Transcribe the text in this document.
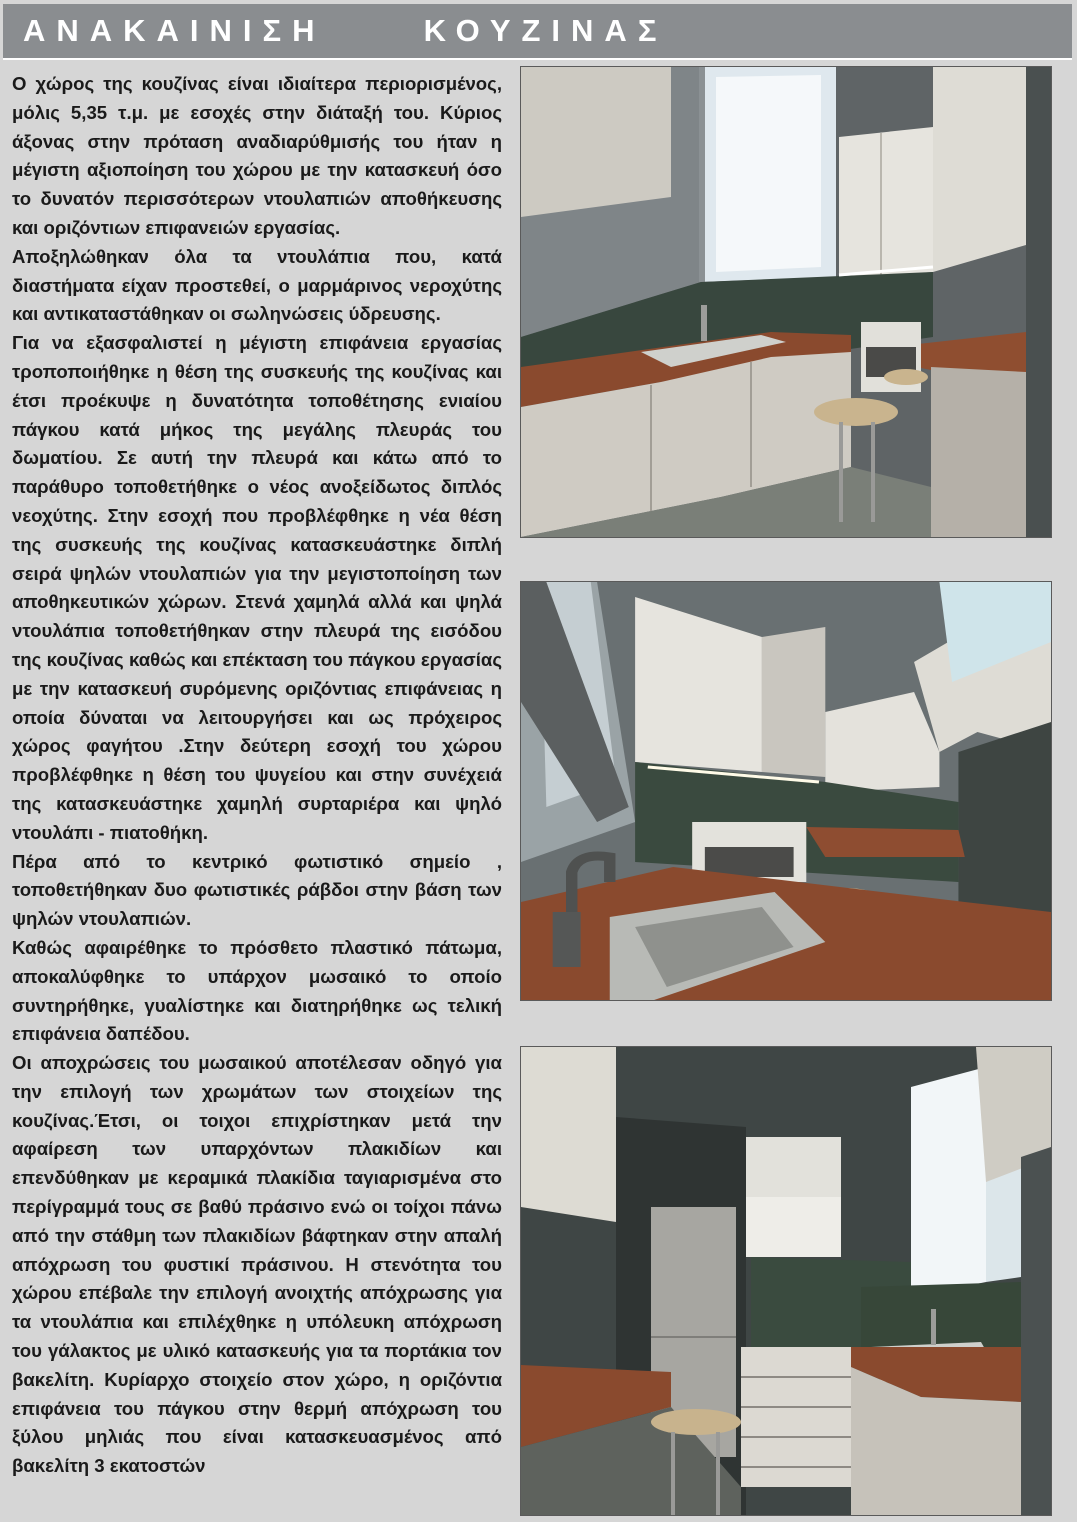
ΑΝΑΚΑΙΝΙΣΗ     ΚΟΥΖΙΝΑΣ

Ο χώρος της κουζίνας είναι ιδιαίτερα περιορισμένος, μόλις 5,35 τ.μ. με εσοχές στην διάταξή του. Κύριος άξονας στην πρόταση αναδιαρύθμισής του ήταν η μέγιστη αξιοποίηση του χώρου με την κατασκευή όσο το δυνατόν περισσότερων ντουλαπιών αποθήκευσης και οριζόντιων επιφανειών εργασίας.

Αποξηλώθηκαν όλα τα ντουλάπια που, κατά διαστήματα είχαν προστεθεί, ο μαρμάρινος νεροχύτης και αντικαταστάθηκαν οι σωληνώσεις ύδρευσης.

Για να εξασφαλιστεί η μέγιστη επιφάνεια εργασίας τροποποιήθηκε η θέση της συσκευής της κουζίνας και έτσι προέκυψε η δυνατότητα τοποθέτησης ενιαίου πάγκου κατά μήκος της μεγάλης πλευράς του δωματίου. Σε αυτή την πλευρά και κάτω από το παράθυρο τοποθετήθηκε ο νέος ανοξείδωτος διπλός νεοχύτης. Στην εσοχή που προβλέφθηκε η νέα θέση της συσκευής της κουζίνας κατασκευάστηκε διπλή σειρά ψηλών ντουλαπιών για την μεγιστοποίηση των αποθηκευτικών χώρων. Στενά χαμηλά αλλά και ψηλά ντουλάπια τοποθετήθηκαν στην πλευρά της εισόδου της κουζίνας καθώς και επέκταση του πάγκου εργασίας με την κατασκευή συρόμενης οριζόντιας επιφάνειας η οποία δύναται να λειτουργήσει και ως πρόχειρος χώρος φαγήτου .Στην δεύτερη εσοχή του χώρου προβλέφθηκε η θέση του ψυγείου και στην συνέχειά της κατασκευάστηκε χαμηλή συρταριέρα και ψηλό ντουλάπι - πιατοθήκη.

Πέρα από το κεντρικό φωτιστικό σημείο , τοποθετήθηκαν δυο φωτιστικές ράβδοι στην βάση των ψηλών ντουλαπιών.

Καθώς αφαιρέθηκε το πρόσθετο πλαστικό πάτωμα, αποκαλύφθηκε το υπάρχον μωσαικό το οποίο συντηρήθηκε, γυαλίστηκε και διατηρήθηκε ως τελική επιφάνεια δαπέδου.

Οι αποχρώσεις του μωσαικού αποτέλεσαν οδηγό για την επιλογή των χρωμάτων των στοιχείων της κουζίνας.Έτσι, οι τοιχοι επιχρίστηκαν μετά την αφαίρεση των υπαρχόντων πλακιδίων και επενδύθηκαν με κεραμικά πλακίδια ταγιαρισμένα στο περίγραμμά τους σε βαθύ πράσινο ενώ οι τοίχοι πάνω από την στάθμη των πλακιδίων βάφτηκαν στην απαλή απόχρωση του φυστικί πράσινου. Η στενότητα του χώρου επέβαλε την επιλογή ανοιχτής απόχρωσης για τα ντουλάπια και επιλέχθηκε η υπόλευκη απόχρωση του γάλακτος με υλικό κατασκευής για τα πορτάκια τον βακελίτη. Κυρίαρχο στοιχείο στον χώρο, η οριζόντια επιφάνεια του πάγκου στην θερμή απόχρωση του ξύλου μηλιάς που είναι κατασκευασμένος από βακελίτη 3 εκατοστών
